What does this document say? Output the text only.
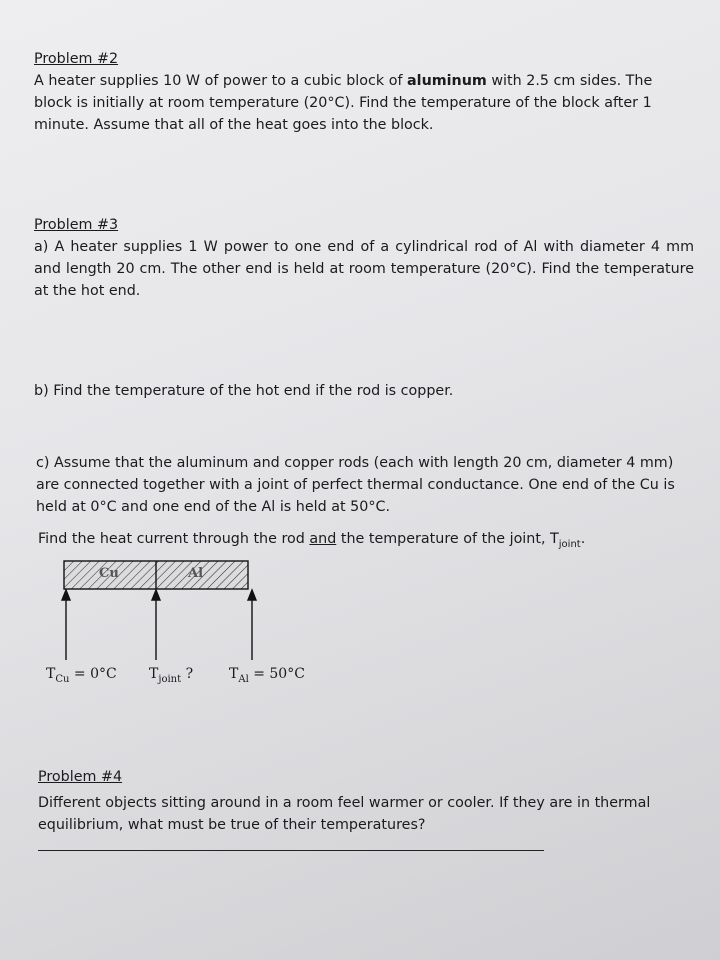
Problem #2

A heater supplies 10 W of power to a cubic block of aluminum with 2.5 cm sides. The block is initially at room temperature (20°C). Find the temperature of the block after 1 minute. Assume that all of the heat goes into the block.

Problem #3

a) A heater supplies 1 W power to one end of a cylindrical rod of Al with diameter 4 mm and length 20 cm. The other end is held at room temperature (20°C). Find the temperature at the hot end.

b) Find the temperature of the hot end if the rod is copper.

c) Assume that the aluminum and copper rods (each with length 20 cm, diameter 4 mm) are connected together with a joint of perfect thermal conductance. One end of the Cu is held at 0°C and one end of the Al is held at 50°C.

Find the heat current through the rod and the temperature of the joint, $T_{joint}$.

Cu	Al
$T_{Cu} = 0^\circ C$ $T_{joint}$ ?	$T_{Al} = 50^\circ C$
Problem #4

Different objects sitting around in a room feel warmer or cooler. If they are in thermal equilibrium, what must be true of their temperatures?
